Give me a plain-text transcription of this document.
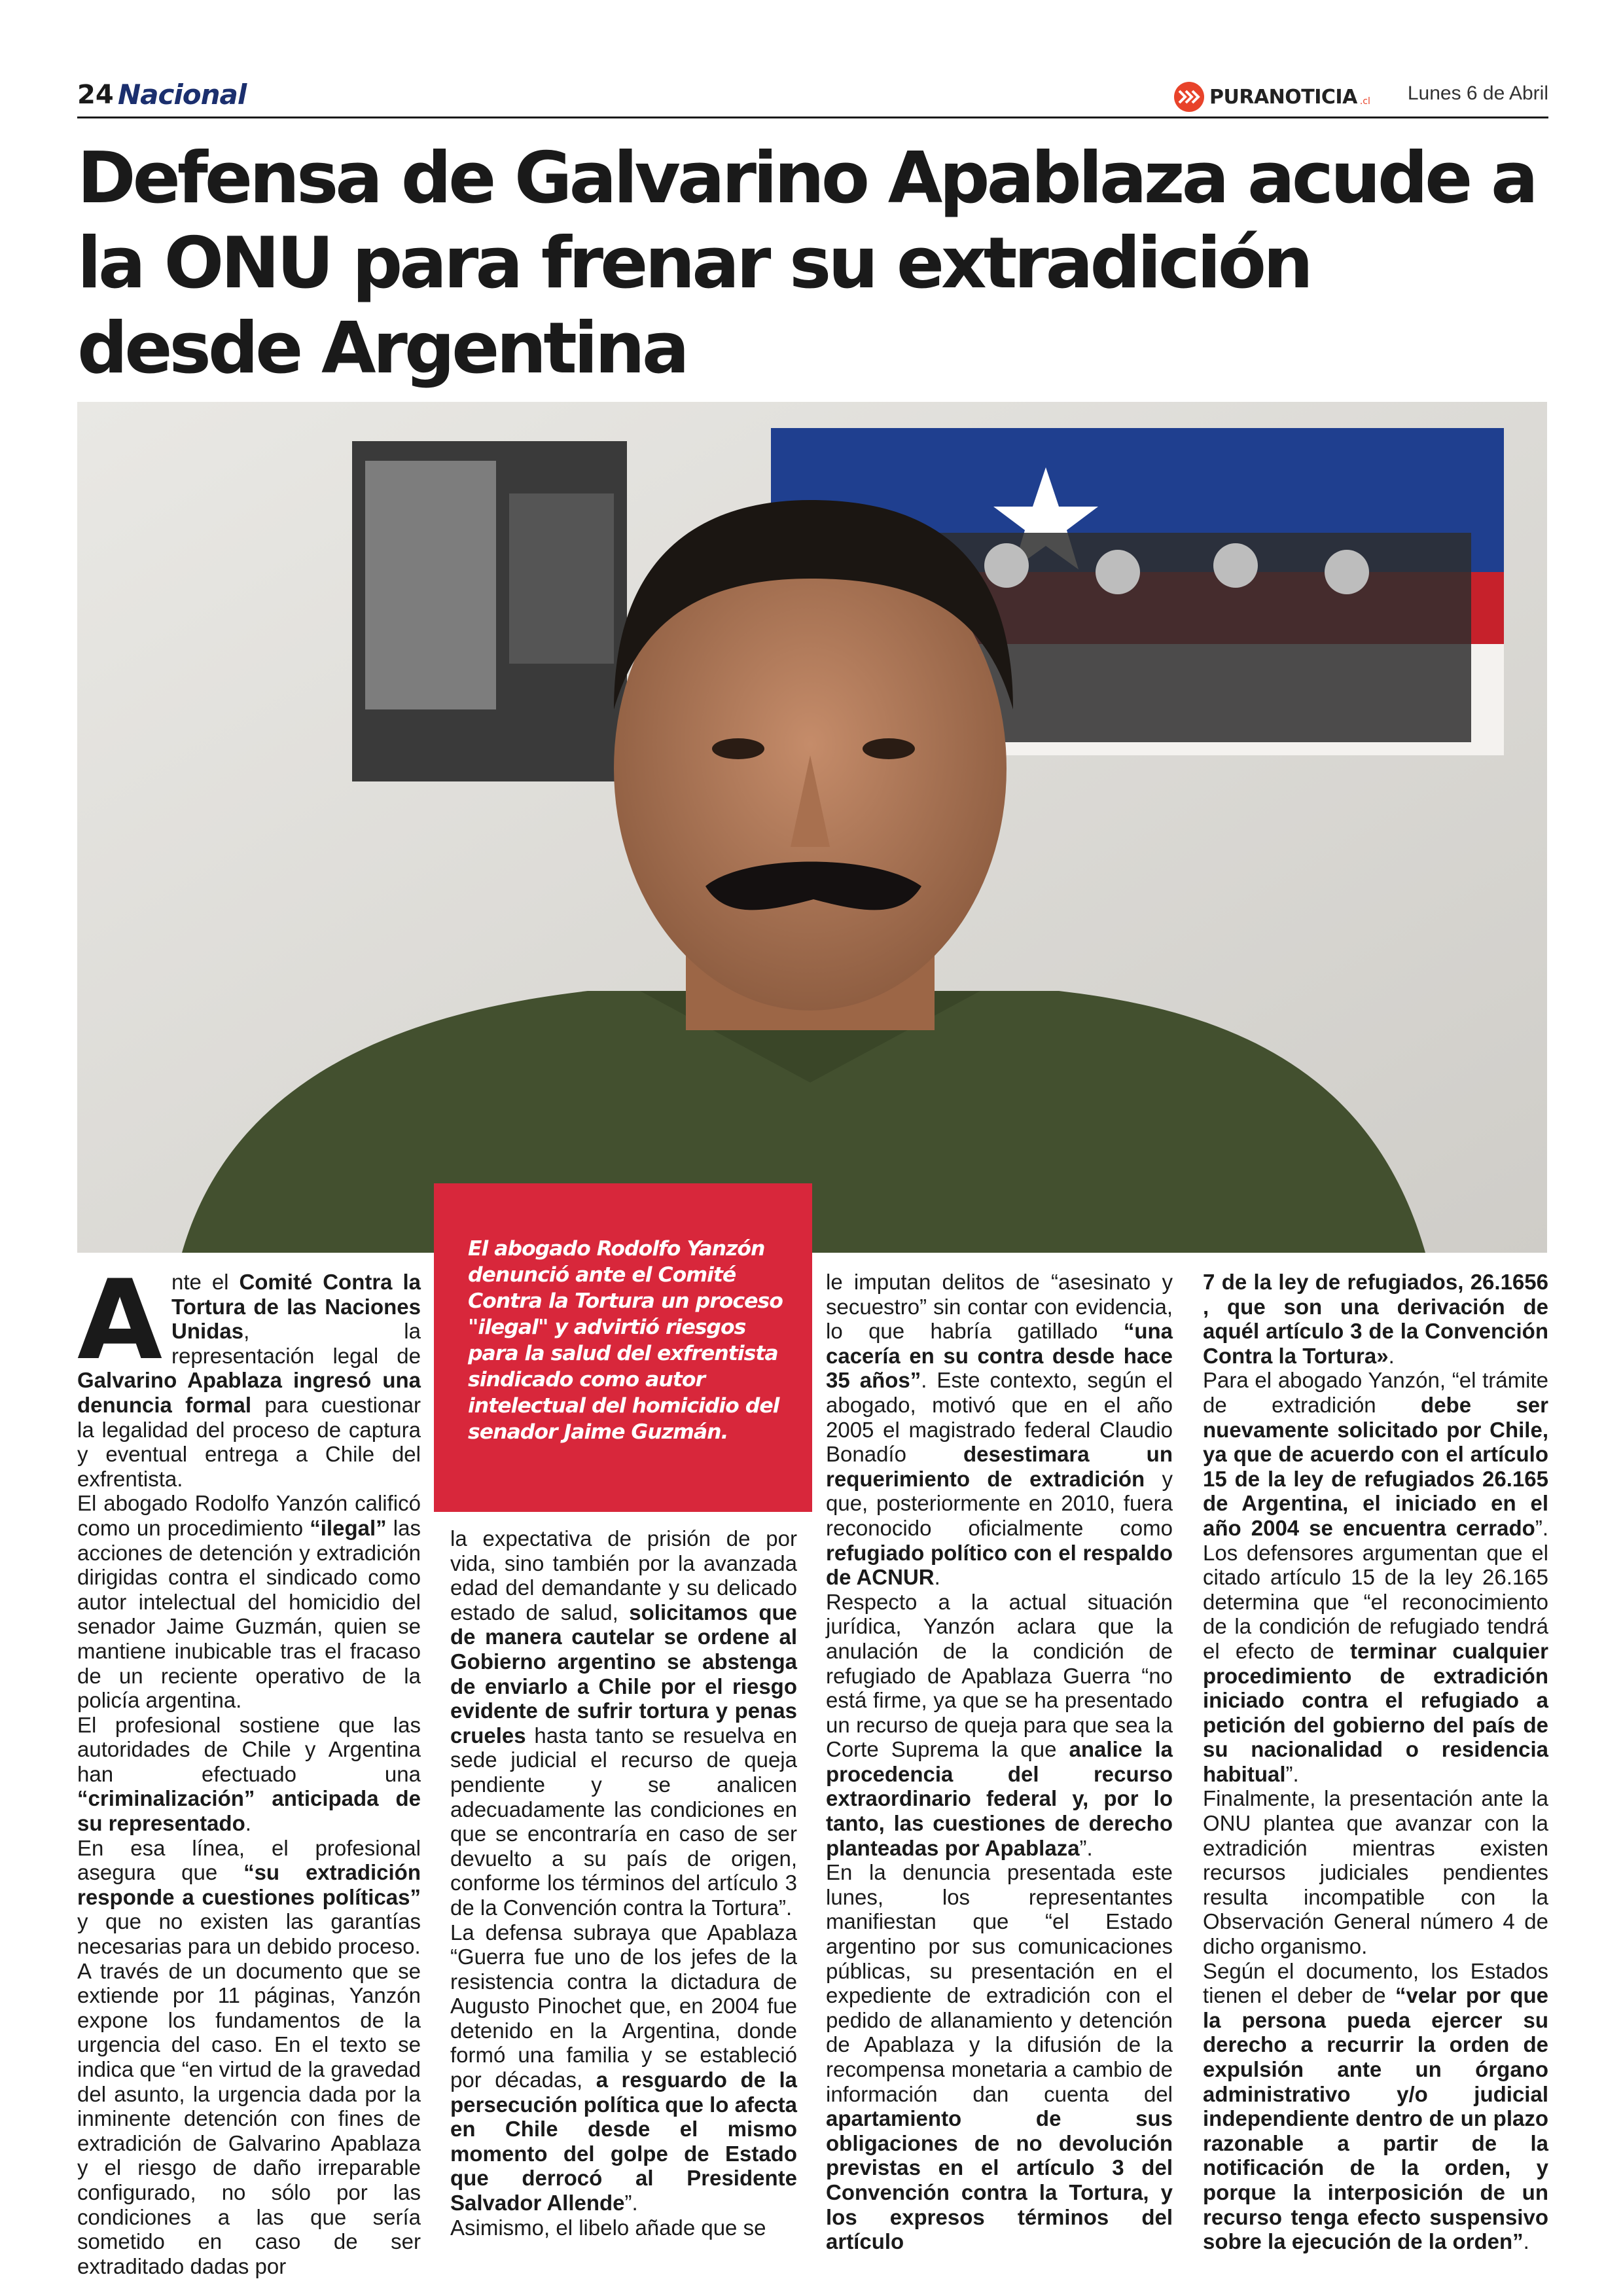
24 Nacional	PURANOTICIA .cl Lunes 6 de Abril
Defensa de Galvarino Apablaza acude a la ONU para frenar su extradición desde Argentina

El abogado Rodolfo Yanzón denunció ante el Comité Contra la Tortura un proceso "ilegal" y advirtió riesgos para la salud del exfrentista sindicado como autor intelectual del homicidio del senador Jaime Guzmán.

A nte el Comité Contra la Tortura de las Naciones Unidas, la representación legal de Galvarino Apablaza ingresó una denuncia formal para cuestionar la legalidad del proceso de captura y eventual entrega a Chile del exfrentista.

El abogado Rodolfo Yanzón calificó como un procedimiento “ilegal” las acciones de detención y extradición dirigidas contra el sindicado como autor intelectual del homicidio del senador Jaime Guzmán, quien se mantiene inubicable tras el fracaso de un reciente operativo de la policía argentina.

El profesional sostiene que las autoridades de Chile y Argentina han efectuado una “criminalización” anticipada de su representado.

En esa línea, el profesional asegura que “su extradición responde a cuestiones políticas” y que no existen las garantías necesarias para un debido proceso.

A través de un documento que se extiende por 11 páginas, Yanzón expone los fundamentos de la urgencia del caso. En el texto se indica que “en virtud de la gravedad del asunto, la urgencia dada por la inminente detención con fines de extradición de Galvarino Apablaza y el riesgo de daño irreparable configurado, no sólo por las condiciones a las que sería sometido en caso de ser extraditado dadas por

la expectativa de prisión de por vida, sino también por la avanzada edad del demandante y su delicado estado de salud, solicitamos que de manera cautelar se ordene al Gobierno argentino se abstenga de enviarlo a Chile por el riesgo evidente de sufrir tortura y penas crueles hasta tanto se resuelva en sede judicial el recurso de queja pendiente y se analicen adecuadamente las condiciones en que se encontraría en caso de ser devuelto a su país de origen, conforme los términos del artículo 3 de la Convención contra la Tortura”.

La defensa subraya que Apablaza “Guerra fue uno de los jefes de la resistencia contra la dictadura de Augusto Pinochet que, en 2004 fue detenido en la Argentina, donde formó una familia y se estableció por décadas, a resguardo de la persecución política que lo afecta en Chile desde el mismo momento del golpe de Estado que derrocó al Presidente Salvador Allende”.

Asimismo, el libelo añade que se

le imputan delitos de “asesinato y secuestro” sin contar con evidencia, lo que habría gatillado “una cacería en su contra desde hace 35 años”. Este contexto, según el abogado, motivó que en el año 2005 el magistrado federal Claudio Bonadío desestimara un requerimiento de extradición y que, posteriormente en 2010, fuera reconocido oficialmente como refugiado político con el respaldo de ACNUR.

Respecto a la actual situación jurídica, Yanzón aclara que la anulación de la condición de refugiado de Apablaza Guerra “no está firme, ya que se ha presentado un recurso de queja para que sea la Corte Suprema la que analice la procedencia del recurso extraordinario federal y, por lo tanto, las cuestiones de derecho planteadas por Apablaza”.

En la denuncia presentada este lunes, los representantes manifiestan que “el Estado argentino por sus comunicaciones públicas, su presentación en el expediente de extradición con el pedido de allanamiento y detención de Apablaza y la difusión de la recompensa monetaria a cambio de información dan cuenta del apartamiento de sus obligaciones de no devolución previstas en el artículo 3 del Convención contra la Tortura, y los expresos términos del artículo

7 de la ley de refugiados, 26.1656 , que son una derivación de aquél artículo 3 de la Convención Contra la Tortura».

Para el abogado Yanzón, “el trámite de extradición debe ser nuevamente solicitado por Chile, ya que de acuerdo con el artículo 15 de la ley de refugiados 26.165 de Argentina, el iniciado en el año 2004 se encuentra cerrado”. Los defensores argumentan que el citado artículo 15 de la ley 26.165 determina que “el reconocimiento de la condición de refugiado tendrá el efecto de terminar cualquier procedimiento de extradición iniciado contra el refugiado a petición del gobierno del país de su nacionalidad o residencia habitual”.

Finalmente, la presentación ante la ONU plantea que avanzar con la extradición mientras existen recursos judiciales pendientes resulta incompatible con la Observación General número 4 de dicho organismo.

Según el documento, los Estados tienen el deber de “velar por que la persona pueda ejercer su derecho a recurrir la orden de expulsión ante un órgano administrativo y/o judicial independiente dentro de un plazo razonable a partir de la notificación de la orden, y porque la interposición de un recurso tenga efecto suspensivo sobre la ejecución de la orden”.
